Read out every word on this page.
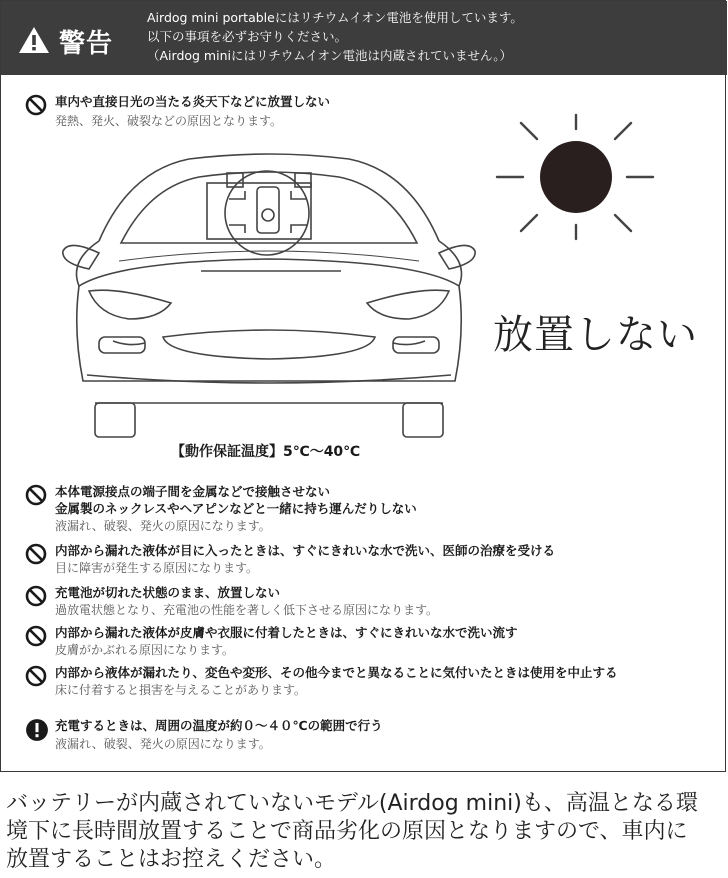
警告
Airdog mini portableにはリチウムイオン電池を使用しています。
以下の事項を必ずお守りください。
（Airdog miniにはリチウムイオン電池は内蔵されていません。）
車内や直接日光の当たる炎天下などに放置しない
発熱、発火、破裂などの原因となります。
放置しない
【動作保証温度】5℃〜40℃
本体電源接点の端子間を金属などで接触させない
金属製のネックレスやヘアピンなどと一緒に持ち運んだりしない
液漏れ、破裂、発火の原因になります。
内部から漏れた液体が目に入ったときは、すぐにきれいな水で洗い、医師の治療を受ける
目に障害が発生する原因になります。
充電池が切れた状態のまま、放置しない
過放電状態となり、充電池の性能を著しく低下させる原因になります。
内部から漏れた液体が皮膚や衣服に付着したときは、すぐにきれいな水で洗い流す
皮膚がかぶれる原因になります。
内部から液体が漏れたり、変色や変形、その他今までと異なることに気付いたときは使用を中止する
床に付着すると損害を与えることがあります。
充電するときは、周囲の温度が約０〜４０℃の範囲で行う
液漏れ、破裂、発火の原因になります。
バッテリーが内蔵されていないモデル(Airdog mini)も、高温となる環
境下に長時間放置することで商品劣化の原因となりますので、車内に
放置することはお控えください。
